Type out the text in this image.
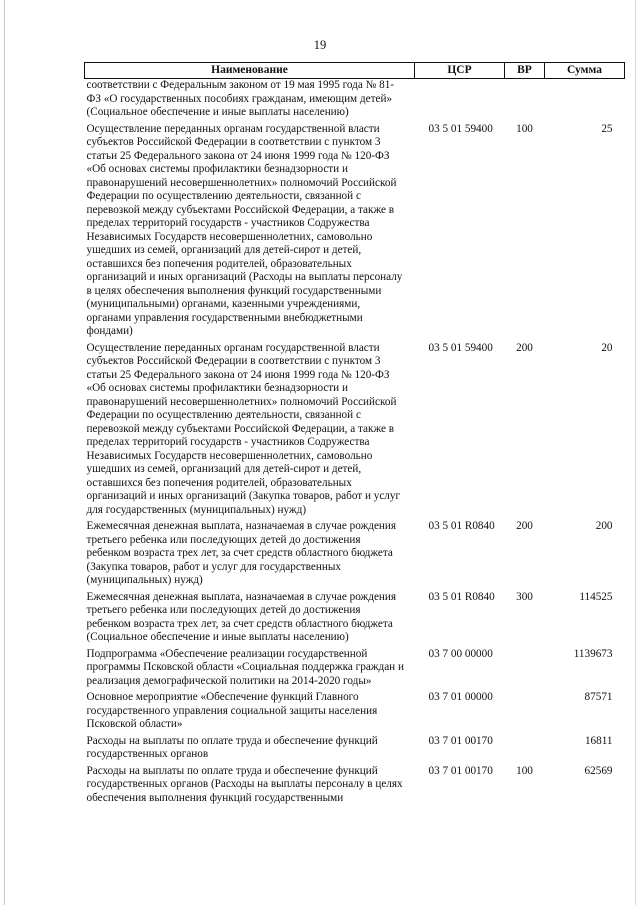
19
Наименование	ЦСР	ВР	Сумма
соответствии с Федеральным законом от 19 мая 1995 года № 81-ФЗ «О государственных пособиях гражданам, имеющим детей» (Социальное обеспечение и иные выплаты населению)			
Осуществление переданных органам государственной власти субъектов Российской Федерации в соответствии с пунктом 3 статьи 25 Федерального закона от 24 июня 1999 года № 120-ФЗ «Об основах системы профилактики безнадзорности и правонарушений несовершеннолетних» полномочий Российской Федерации по осуществлению деятельности, связанной с перевозкой между субъектами Российской Федерации, а также в пределах территорий государств - участников Содружества Независимых Государств несовершеннолетних, самовольно ушедших из семей, организаций для детей-сирот и детей, оставшихся без попечения родителей, образовательных организаций и иных организаций (Расходы на выплаты персоналу в целях обеспечения выполнения функций государственными (муниципальными) органами, казенными учреждениями, органами управления государственными внебюджетными фондами)	03 5 01 59400	100	25
Осуществление переданных органам государственной власти субъектов Российской Федерации в соответствии с пунктом 3 статьи 25 Федерального закона от 24 июня 1999 года № 120-ФЗ «Об основах системы профилактики безнадзорности и правонарушений несовершеннолетних» полномочий Российской Федерации по осуществлению деятельности, связанной с перевозкой между субъектами Российской Федерации, а также в пределах территорий государств - участников Содружества Независимых Государств несовершеннолетних, самовольно ушедших из семей, организаций для детей-сирот и детей, оставшихся без попечения родителей, образовательных организаций и иных организаций (Закупка товаров, работ и услуг для государственных (муниципальных) нужд)	03 5 01 59400	200	20
Ежемесячная денежная выплата, назначаемая в случае рождения третьего ребенка или последующих детей до достижения ребенком возраста трех лет, за счет средств областного бюджета (Закупка товаров, работ и услуг для государственных (муниципальных) нужд)	03 5 01 R0840	200	200
Ежемесячная денежная выплата, назначаемая в случае рождения третьего ребенка или последующих детей до достижения ребенком возраста трех лет, за счет средств областного бюджета (Социальное обеспечение и иные выплаты населению)	03 5 01 R0840	300	114525
Подпрограмма «Обеспечение реализации государственной программы Псковской области «Социальная поддержка граждан и реализация демографической политики на 2014-2020 годы»	03 7 00 00000		1139673
Основное мероприятие «Обеспечение функций Главного государственного управления социальной защиты населения Псковской области»	03 7 01 00000		87571
Расходы на выплаты по оплате труда и обеспечение функций государственных органов	03 7 01 00170		16811
Расходы на выплаты по оплате труда и обеспечение функций государственных органов (Расходы на выплаты персоналу в целях обеспечения выполнения функций государственными	03 7 01 00170	100	62569
